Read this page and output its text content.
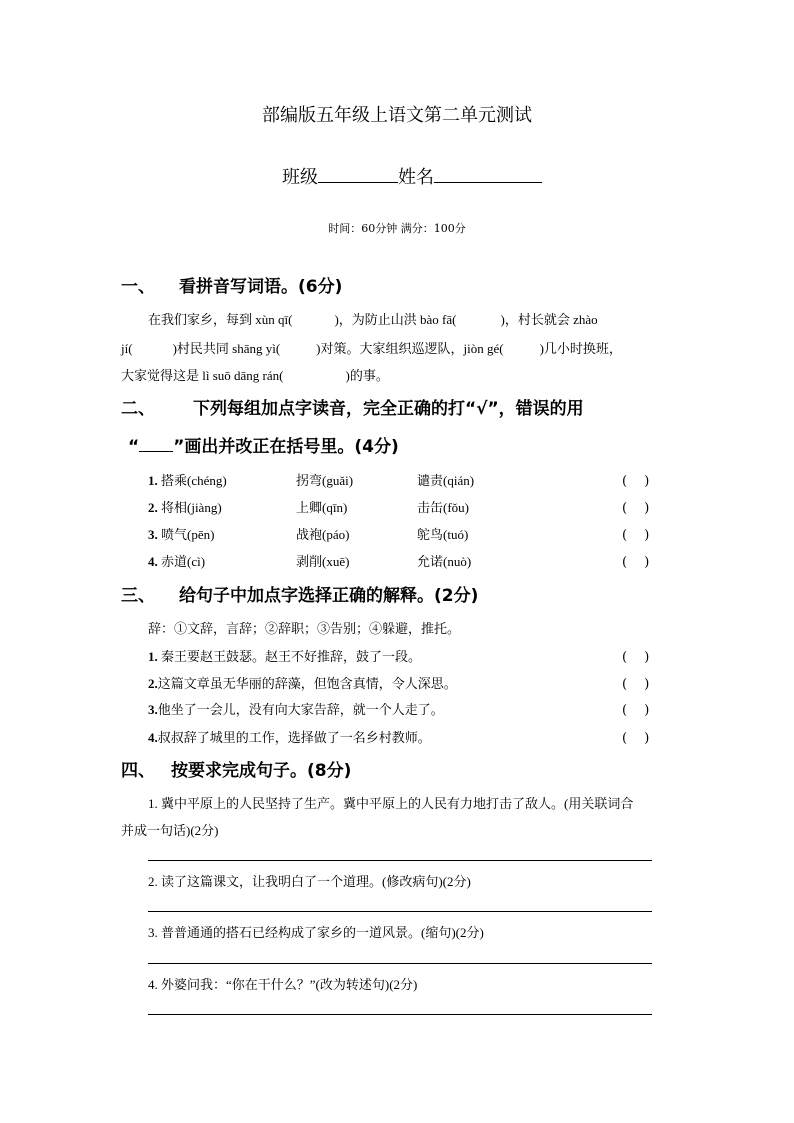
部编版五年级上语文第二单元测试
班级	姓名
时间：60分钟 满分：100分
一、 看拼音写词语。(6分)
在我们家乡，每到 xùn qī(	)，为防止山洪 bào fā(	)，村长就会 zhào
jí(	)村民共同 shāng yì(	)对策。大家组织巡逻队，jiòn gé(	)几小时换班，
大家觉得这是 lì suō dāng rán(	)的事。
二、 下列每组加点字读音，完全正确的打“√”，错误的用
“ ”画出并改正在括号里。(4分)
1. 搭乘(chéng)	拐弯(guǎi)	谴责(qián)	(　 )
2. 将相(jiàng)	上卿(qīn)	击缶(fǒu)	(　 )
3. 喷气(pēn)	战袍(páo)	鸵鸟(tuó)	(　 )
4. 赤道(cì)	剥削(xuē)	允诺(nuò)	(　 )
三、 给句子中加点字选择正确的解释。(2分)
辞：①文辞，言辞；②辞职；③告别；④躲避，推托。
1. 秦王要赵王鼓瑟。赵王不好推辞，鼓了一段。	(　 )
2.这篇文章虽无华丽的辞藻，但饱含真情，令人深思。	(　 )
3.他坐了一会儿，没有向大家告辞，就一个人走了。	(　 )
4.叔叔辞了城里的工作，选择做了一名乡村教师。	(　 )
四、 按要求完成句子。(8分)
1. 冀中平原上的人民坚持了生产。冀中平原上的人民有力地打击了敌人。(用关联词合
并成一句话)(2分)
2. 读了这篇课文，让我明白了一个道理。(修改病句)(2分)
3. 普普通通的搭石已经构成了家乡的一道风景。(缩句)(2分)
4. 外婆问我：“你在干什么？”(改为转述句)(2分)
